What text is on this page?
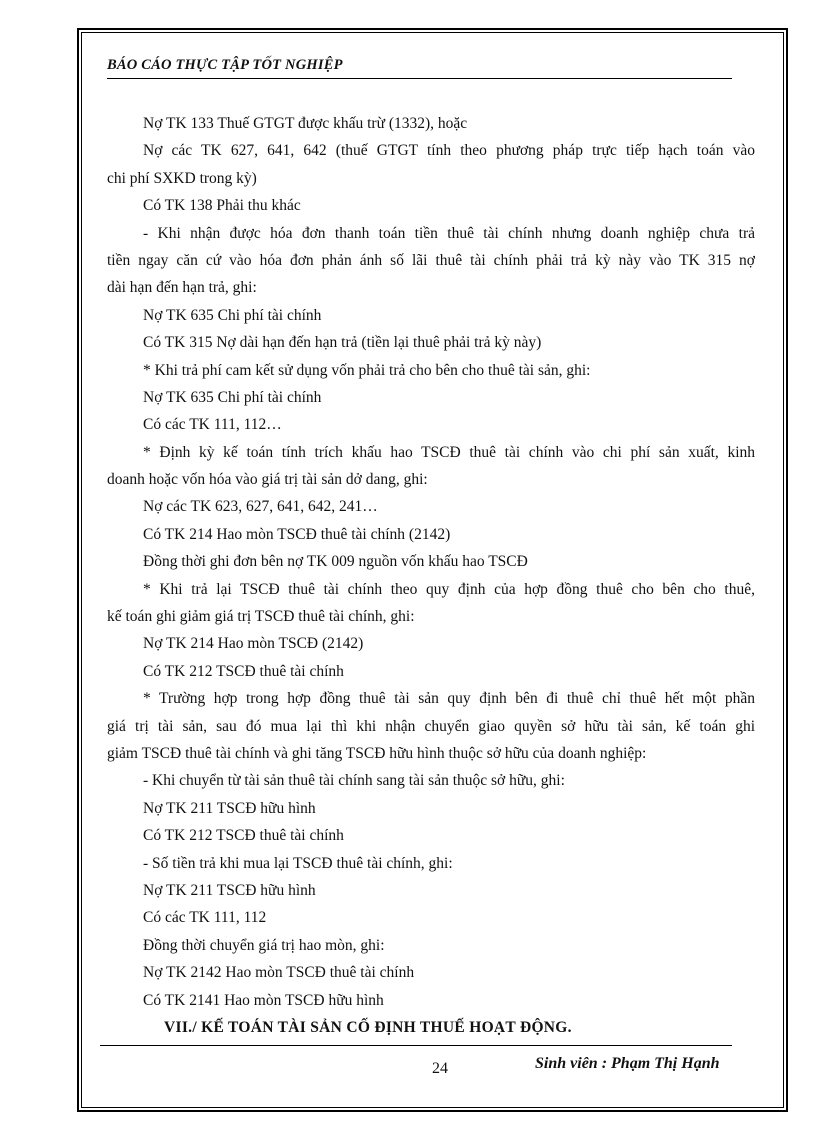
BÁO CÁO THỰC TẬP TỐT NGHIỆP
Nợ TK 133 Thuế GTGT được khấu trừ (1332), hoặc
Nợ các TK 627, 641, 642 (thuế GTGT tính theo phương pháp trực tiếp hạch toán vào
chi phí SXKD trong kỳ)
Có TK 138 Phải thu khác
- Khi nhận được hóa đơn thanh toán tiền thuê tài chính nhưng doanh nghiệp chưa trả
tiền ngay căn cứ vào hóa đơn phản ánh số lãi thuê tài chính phải trả kỳ này vào TK 315 nợ
dài hạn đến hạn trả, ghi:
Nợ TK 635 Chi phí tài chính
Có TK 315 Nợ dài hạn đến hạn trả (tiền lại thuê phải trả kỳ này)
* Khi trả phí cam kết sử dụng vốn phải trả cho bên cho thuê tài sản, ghi:
Nợ TK 635 Chi phí tài chính
Có các TK 111, 112…
* Định kỳ kế toán tính trích khấu hao TSCĐ thuê tài chính vào chi phí sản xuất, kinh
doanh hoặc vốn hóa vào giá trị tài sản dở dang, ghi:
Nợ các TK 623, 627, 641, 642, 241…
Có TK 214 Hao mòn TSCĐ thuê tài chính (2142)
Đồng thời ghi đơn bên nợ TK 009 nguồn vốn khấu hao TSCĐ
* Khi trả lại TSCĐ thuê tài chính theo quy định của hợp đồng thuê cho bên cho thuê,
kế toán ghi giảm giá trị TSCĐ thuê tài chính, ghi:
Nợ TK 214 Hao mòn TSCĐ (2142)
Có TK 212 TSCĐ thuê tài chính
* Trường hợp trong hợp đồng thuê tài sản quy định bên đi thuê chỉ thuê hết một phần
giá trị tài sản, sau đó mua lại thì khi nhận chuyển giao quyền sở hữu tài sản, kế toán ghi
giảm TSCĐ thuê tài chính và ghi tăng TSCĐ hữu hình thuộc sở hữu của doanh nghiệp:
- Khi chuyển từ tài sản thuê tài chính sang tài sản thuộc sở hữu, ghi:
Nợ TK 211 TSCĐ hữu hình
Có TK 212 TSCĐ thuê tài chính
- Số tiền trả khi mua lại TSCĐ thuê tài chính, ghi:
Nợ TK 211 TSCĐ hữu hình
Có các TK 111, 112
Đồng thời chuyển giá trị hao mòn, ghi:
Nợ TK 2142 Hao mòn TSCĐ thuê tài chính
Có TK 2141 Hao mòn TSCĐ hữu hình
VII./ KẾ TOÁN TÀI SẢN CỐ ĐỊNH THUẾ HOẠT ĐỘNG.
24	Sinh viên : Phạm Thị Hạnh
